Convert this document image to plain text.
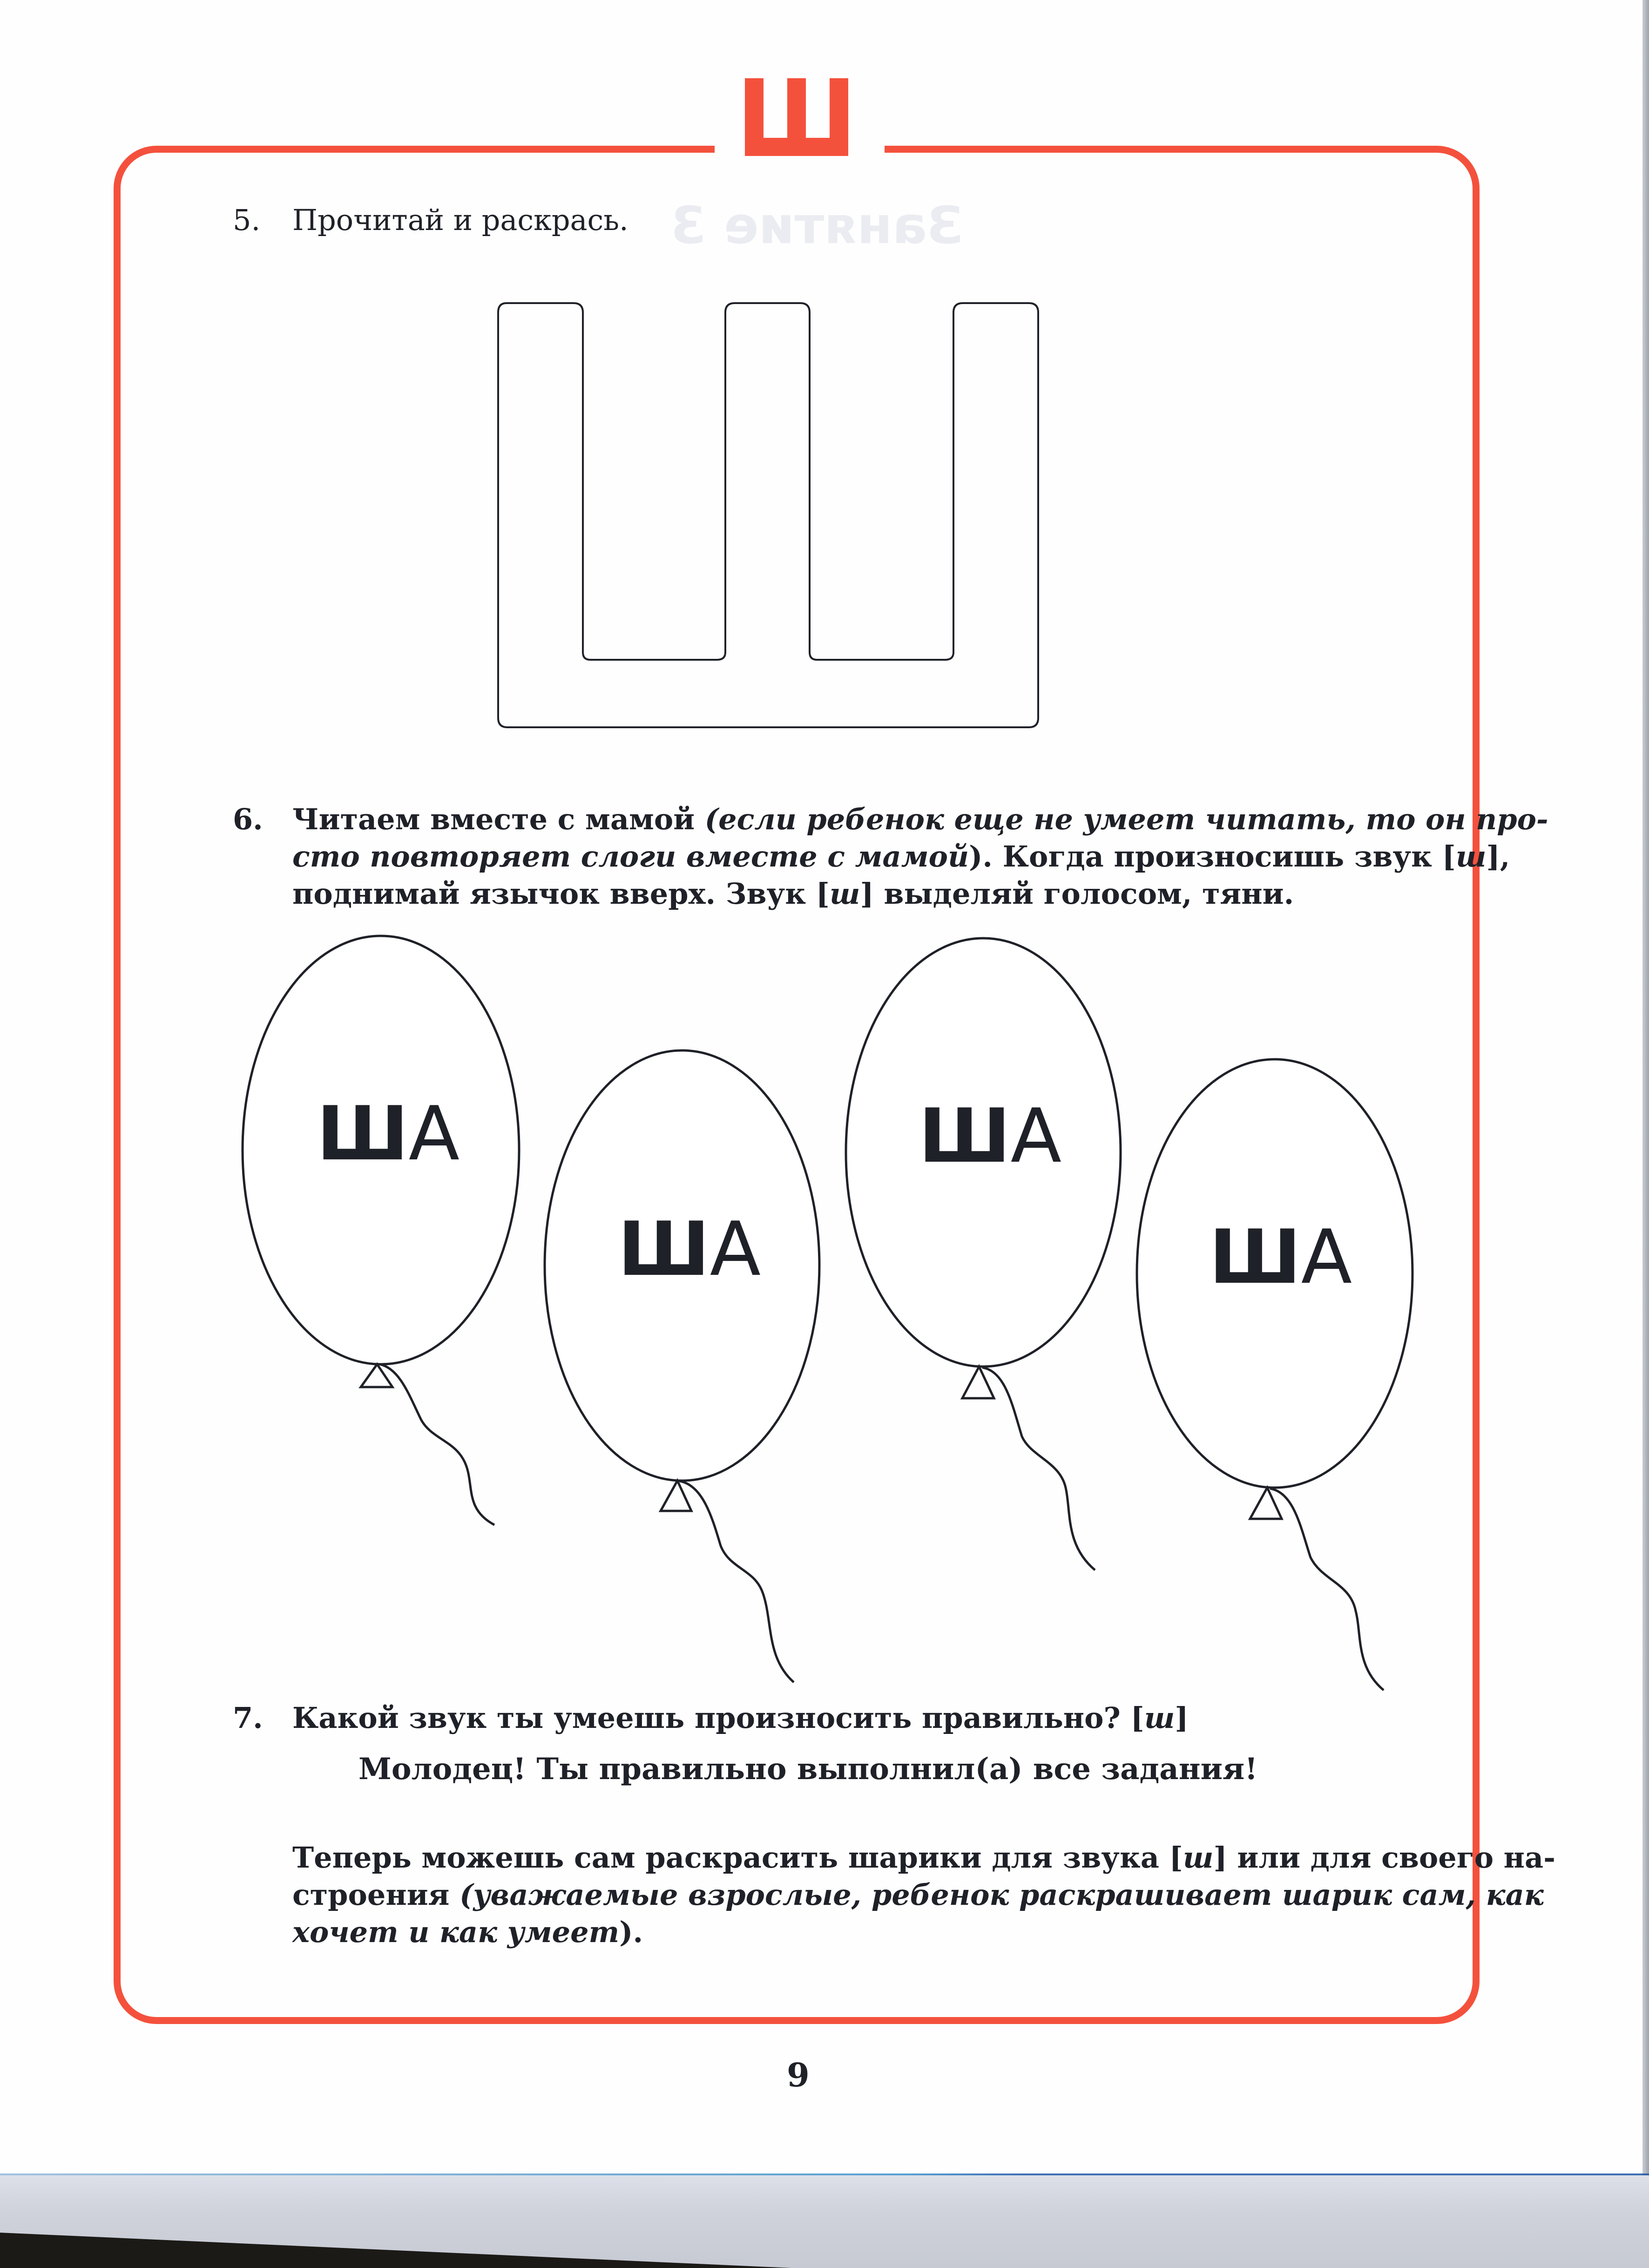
Занятие 3
5. Прочитай и раскрась.
6. Читаем вместе с мамой (если ребенок еще не умеет читать, то он про-
сто повторяет слоги вместе с мамой). Когда произносишь звук [ш],
поднимай язычок вверх. Звук [ш] выделяй голосом, тяни.
ША
ША
ША
ША
7. Какой звук ты умеешь произносить правильно? [ш]
Молодец! Ты правильно выполнил(а) все задания!
Теперь можешь сам раскрасить шарики для звука [ш] или для своего на-
строения (уважаемые взрослые, ребенок раскрашивает шарик сам, как
хочет и как умеет).
9
